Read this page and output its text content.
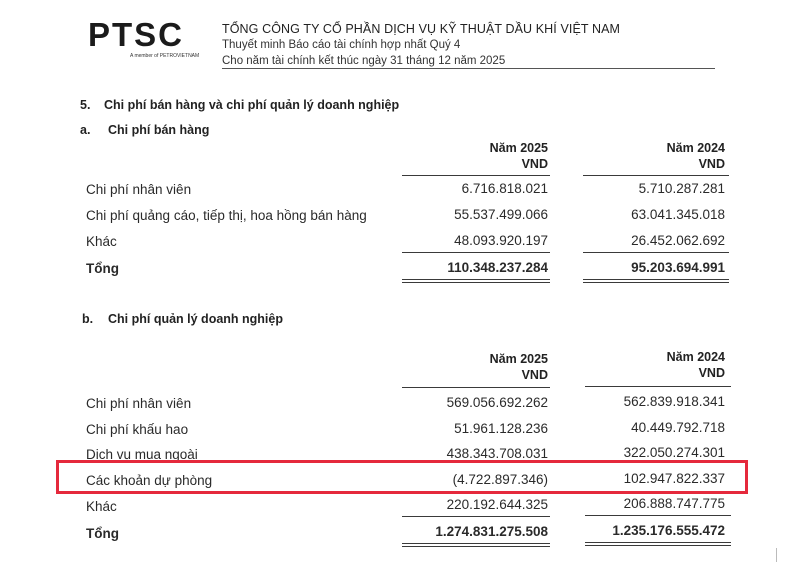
PTSC
A member of PETROVIETNAM
TỔNG CÔNG TY CỔ PHẦN DỊCH VỤ KỸ THUẬT DẦU KHÍ VIỆT NAM
Thuyết minh Báo cáo tài chính hợp nhất Quý 4
Cho năm tài chính kết thúc ngày 31 tháng 12 năm 2025
5. Chi phí bán hàng và chi phí quản lý doanh nghiệp
a. Chi phí bán hàng
Năm 2025
VND
Năm 2024
VND
Chi phí nhân viên	6.716.818.021	5.710.287.281
Chi phí quảng cáo, tiếp thị, hoa hồng bán hàng	55.537.499.066	63.041.345.018
Khác	48.093.920.197	26.452.062.692
Tổng	110.348.237.284	95.203.694.991
b. Chi phí quản lý doanh nghiệp
Năm 2025
VND
Năm 2024
VND
Chi phí nhân viên	569.056.692.262	562.839.918.341
Chi phí khấu hao	51.961.128.236	40.449.792.718
Dịch vụ mua ngoài	438.343.708.031	322.050.274.301
Các khoản dự phòng	(4.722.897.346)	102.947.822.337
Khác	220.192.644.325	206.888.747.775
Tổng	1.274.831.275.508	1.235.176.555.472
